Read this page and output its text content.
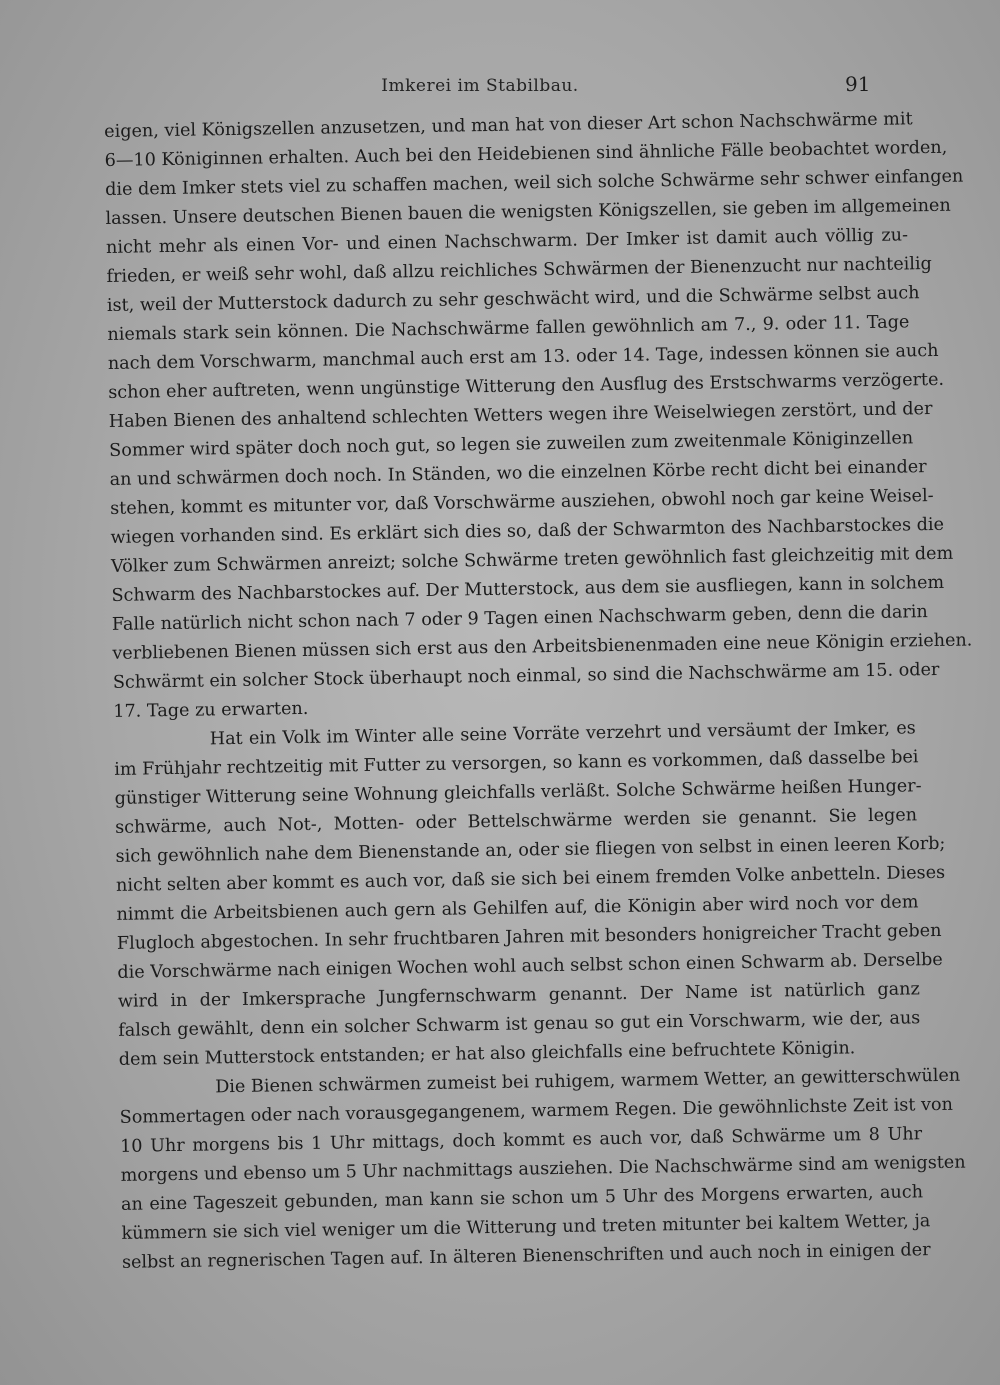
Imkerei im Stabilbau.	91
eigen, viel Königszellen anzusetzen, und man hat von dieser Art schon Nachschwärme mit
6—10 Königinnen erhalten. Auch bei den Heidebienen sind ähnliche Fälle beobachtet worden,
die dem Imker stets viel zu schaffen machen, weil sich solche Schwärme sehr schwer einfangen
lassen. Unsere deutschen Bienen bauen die wenigsten Königszellen, sie geben im allgemeinen
nicht mehr als einen Vor- und einen Nachschwarm. Der Imker ist damit auch völlig zu-
frieden, er weiß sehr wohl, daß allzu reichliches Schwärmen der Bienenzucht nur nachteilig
ist, weil der Mutterstock dadurch zu sehr geschwächt wird, und die Schwärme selbst auch
niemals stark sein können. Die Nachschwärme fallen gewöhnlich am 7., 9. oder 11. Tage
nach dem Vorschwarm, manchmal auch erst am 13. oder 14. Tage, indessen können sie auch
schon eher auftreten, wenn ungünstige Witterung den Ausflug des Erstschwarms verzögerte.
Haben Bienen des anhaltend schlechten Wetters wegen ihre Weiselwiegen zerstört, und der
Sommer wird später doch noch gut, so legen sie zuweilen zum zweitenmale Königinzellen
an und schwärmen doch noch. In Ständen, wo die einzelnen Körbe recht dicht bei einander
stehen, kommt es mitunter vor, daß Vorschwärme ausziehen, obwohl noch gar keine Weisel-
wiegen vorhanden sind. Es erklärt sich dies so, daß der Schwarmton des Nachbarstockes die
Völker zum Schwärmen anreizt; solche Schwärme treten gewöhnlich fast gleichzeitig mit dem
Schwarm des Nachbarstockes auf. Der Mutterstock, aus dem sie ausfliegen, kann in solchem
Falle natürlich nicht schon nach 7 oder 9 Tagen einen Nachschwarm geben, denn die darin
verbliebenen Bienen müssen sich erst aus den Arbeitsbienenmaden eine neue Königin erziehen.
Schwärmt ein solcher Stock überhaupt noch einmal, so sind die Nachschwärme am 15. oder
17. Tage zu erwarten.
Hat ein Volk im Winter alle seine Vorräte verzehrt und versäumt der Imker, es
im Frühjahr rechtzeitig mit Futter zu versorgen, so kann es vorkommen, daß dasselbe bei
günstiger Witterung seine Wohnung gleichfalls verläßt. Solche Schwärme heißen Hunger-
schwärme, auch Not-, Motten- oder Bettelschwärme werden sie genannt. Sie legen
sich gewöhnlich nahe dem Bienenstande an, oder sie fliegen von selbst in einen leeren Korb;
nicht selten aber kommt es auch vor, daß sie sich bei einem fremden Volke anbetteln. Dieses
nimmt die Arbeitsbienen auch gern als Gehilfen auf, die Königin aber wird noch vor dem
Flugloch abgestochen. In sehr fruchtbaren Jahren mit besonders honigreicher Tracht geben
die Vorschwärme nach einigen Wochen wohl auch selbst schon einen Schwarm ab. Derselbe
wird in der Imkersprache Jungfernschwarm genannt. Der Name ist natürlich ganz
falsch gewählt, denn ein solcher Schwarm ist genau so gut ein Vorschwarm, wie der, aus
dem sein Mutterstock entstanden; er hat also gleichfalls eine befruchtete Königin.
Die Bienen schwärmen zumeist bei ruhigem, warmem Wetter, an gewitterschwülen
Sommertagen oder nach vorausgegangenem, warmem Regen. Die gewöhnlichste Zeit ist von
10 Uhr morgens bis 1 Uhr mittags, doch kommt es auch vor, daß Schwärme um 8 Uhr
morgens und ebenso um 5 Uhr nachmittags ausziehen. Die Nachschwärme sind am wenigsten
an eine Tageszeit gebunden, man kann sie schon um 5 Uhr des Morgens erwarten, auch
kümmern sie sich viel weniger um die Witterung und treten mitunter bei kaltem Wetter, ja
selbst an regnerischen Tagen auf. In älteren Bienenschriften und auch noch in einigen der
